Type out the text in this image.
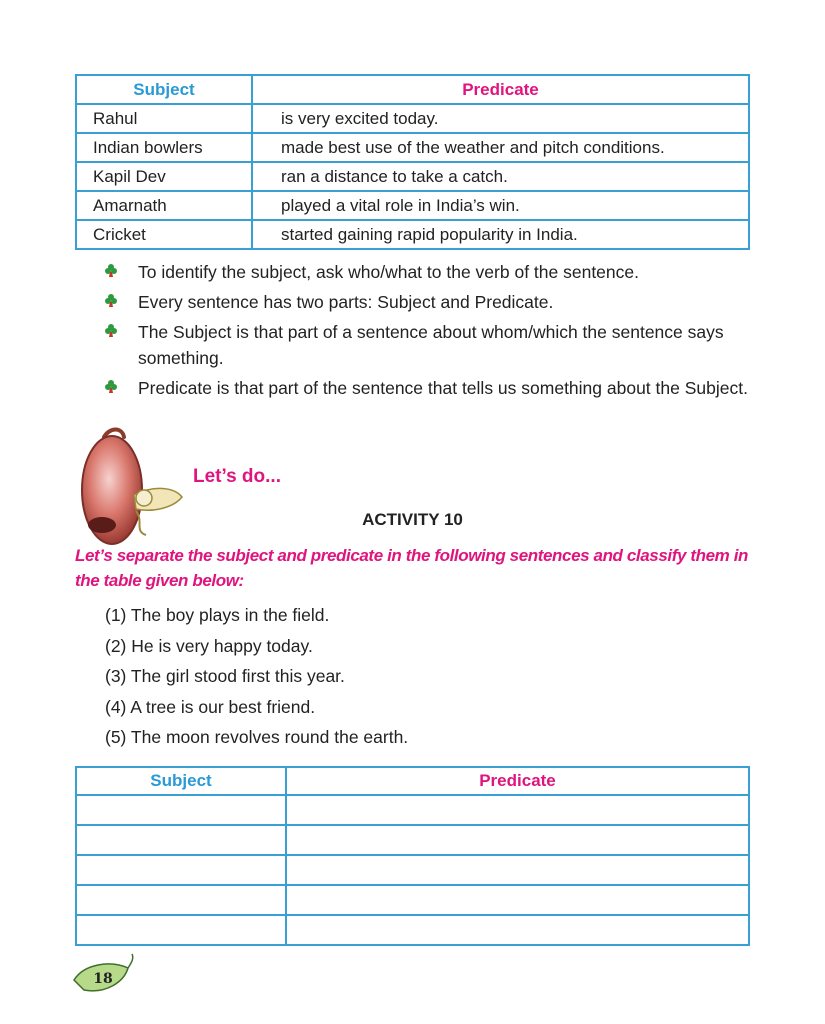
Subject	Predicate
Rahul	is very excited today.
Indian bowlers	made best use of the weather and pitch conditions.
Kapil Dev	ran a distance to take a catch.
Amarnath	played a vital role in India’s win.
Cricket	started gaining rapid popularity in India.
To identify the subject, ask who/what to the verb of the sentence.
Every sentence has two parts: Subject and Predicate.
The Subject is that part of a sentence about whom/which the sentence says something.
Predicate is that part of the sentence that tells us something about the Subject.
Let’s do...
ACTIVITY 10
Let’s separate the subject and predicate in the following sentences and classify them in the table given below:
(1) The boy plays in the field.
(2) He is very happy today.
(3) The girl stood first this year.
(4) A tree is our best friend.
(5) The moon revolves round the earth.
Subject	Predicate

18
